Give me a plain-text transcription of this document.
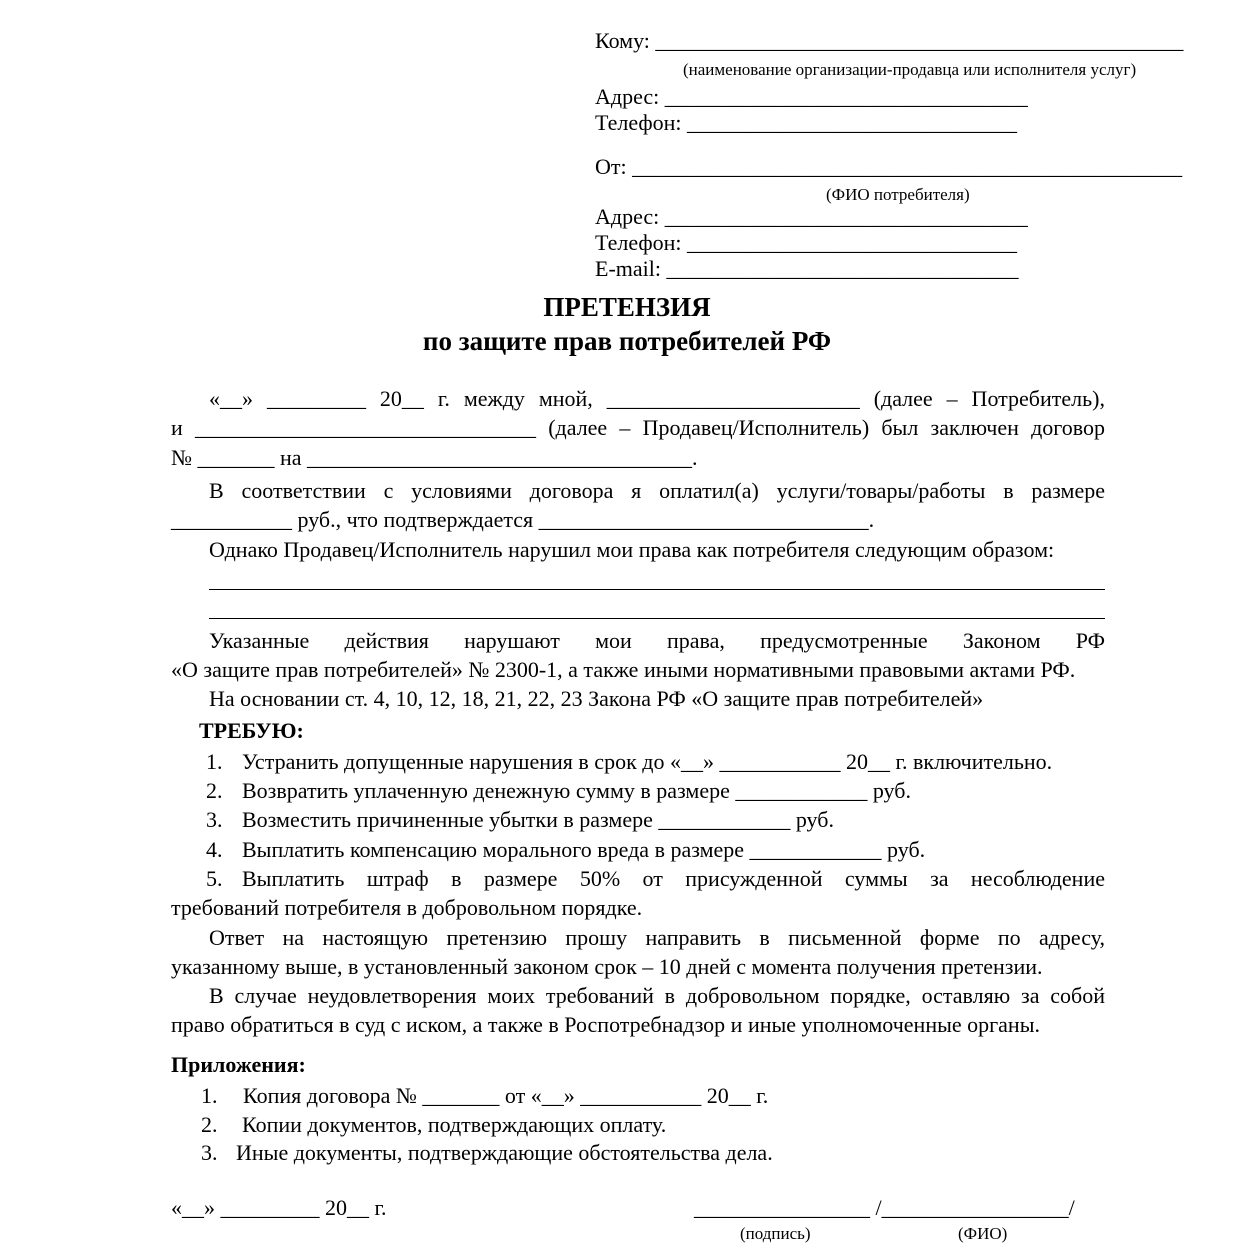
Кому: ________________________________________________
(наименование организации-продавца или исполнителя услуг)
Адрес: _________________________________
Телефон: ______________________________
От: __________________________________________________
(ФИО потребителя)
Адрес: _________________________________
Телефон: ______________________________
E-mail: ________________________________
ПРЕТЕНЗИЯ
по защите прав потребителей РФ
«__» _________ 20__ г. между мной, _______________________ (далее – Потребитель),
и _______________________________ (далее – Продавец/Исполнитель) был заключен договор
№ _______ на ___________________________________.
В соответствии с условиями договора я оплатил(а) услуги/товары/работы в размере
___________ руб., что подтверждается ______________________________.
Однако Продавец/Исполнитель нарушил мои права как потребителя следующим образом:
Указанные действия нарушают мои права, предусмотренные Законом РФ
«О защите прав потребителей» № 2300-1, а также иными нормативными правовыми актами РФ.
На основании ст. 4, 10, 12, 18, 21, 22, 23 Закона РФ «О защите прав потребителей»
ТРЕБУЮ:
1. Устранить допущенные нарушения в срок до «__» ___________ 20__ г. включительно.
2. Возвратить уплаченную денежную сумму в размере ____________ руб.
3. Возместить причиненные убытки в размере ____________ руб.
4. Выплатить компенсацию морального вреда в размере ____________ руб.
5. Выплатить штраф в размере 50% от присужденной суммы за несоблюдение
требований потребителя в добровольном порядке.
Ответ на настоящую претензию прошу направить в письменной форме по адресу,
указанному выше, в установленный законом срок – 10 дней с момента получения претензии.
В случае неудовлетворения моих требований в добровольном порядке, оставляю за собой
право обратиться в суд с иском, а также в Роспотребнадзор и иные уполномоченные органы.
Приложения:
1. Копия договора № _______ от «__» ___________ 20__ г.
2. Копии документов, подтверждающих оплату.
3. Иные документы, подтверждающие обстоятельства дела.
«__» _________ 20__ г.	________________ /_________________/
(подпись)	(ФИО)
